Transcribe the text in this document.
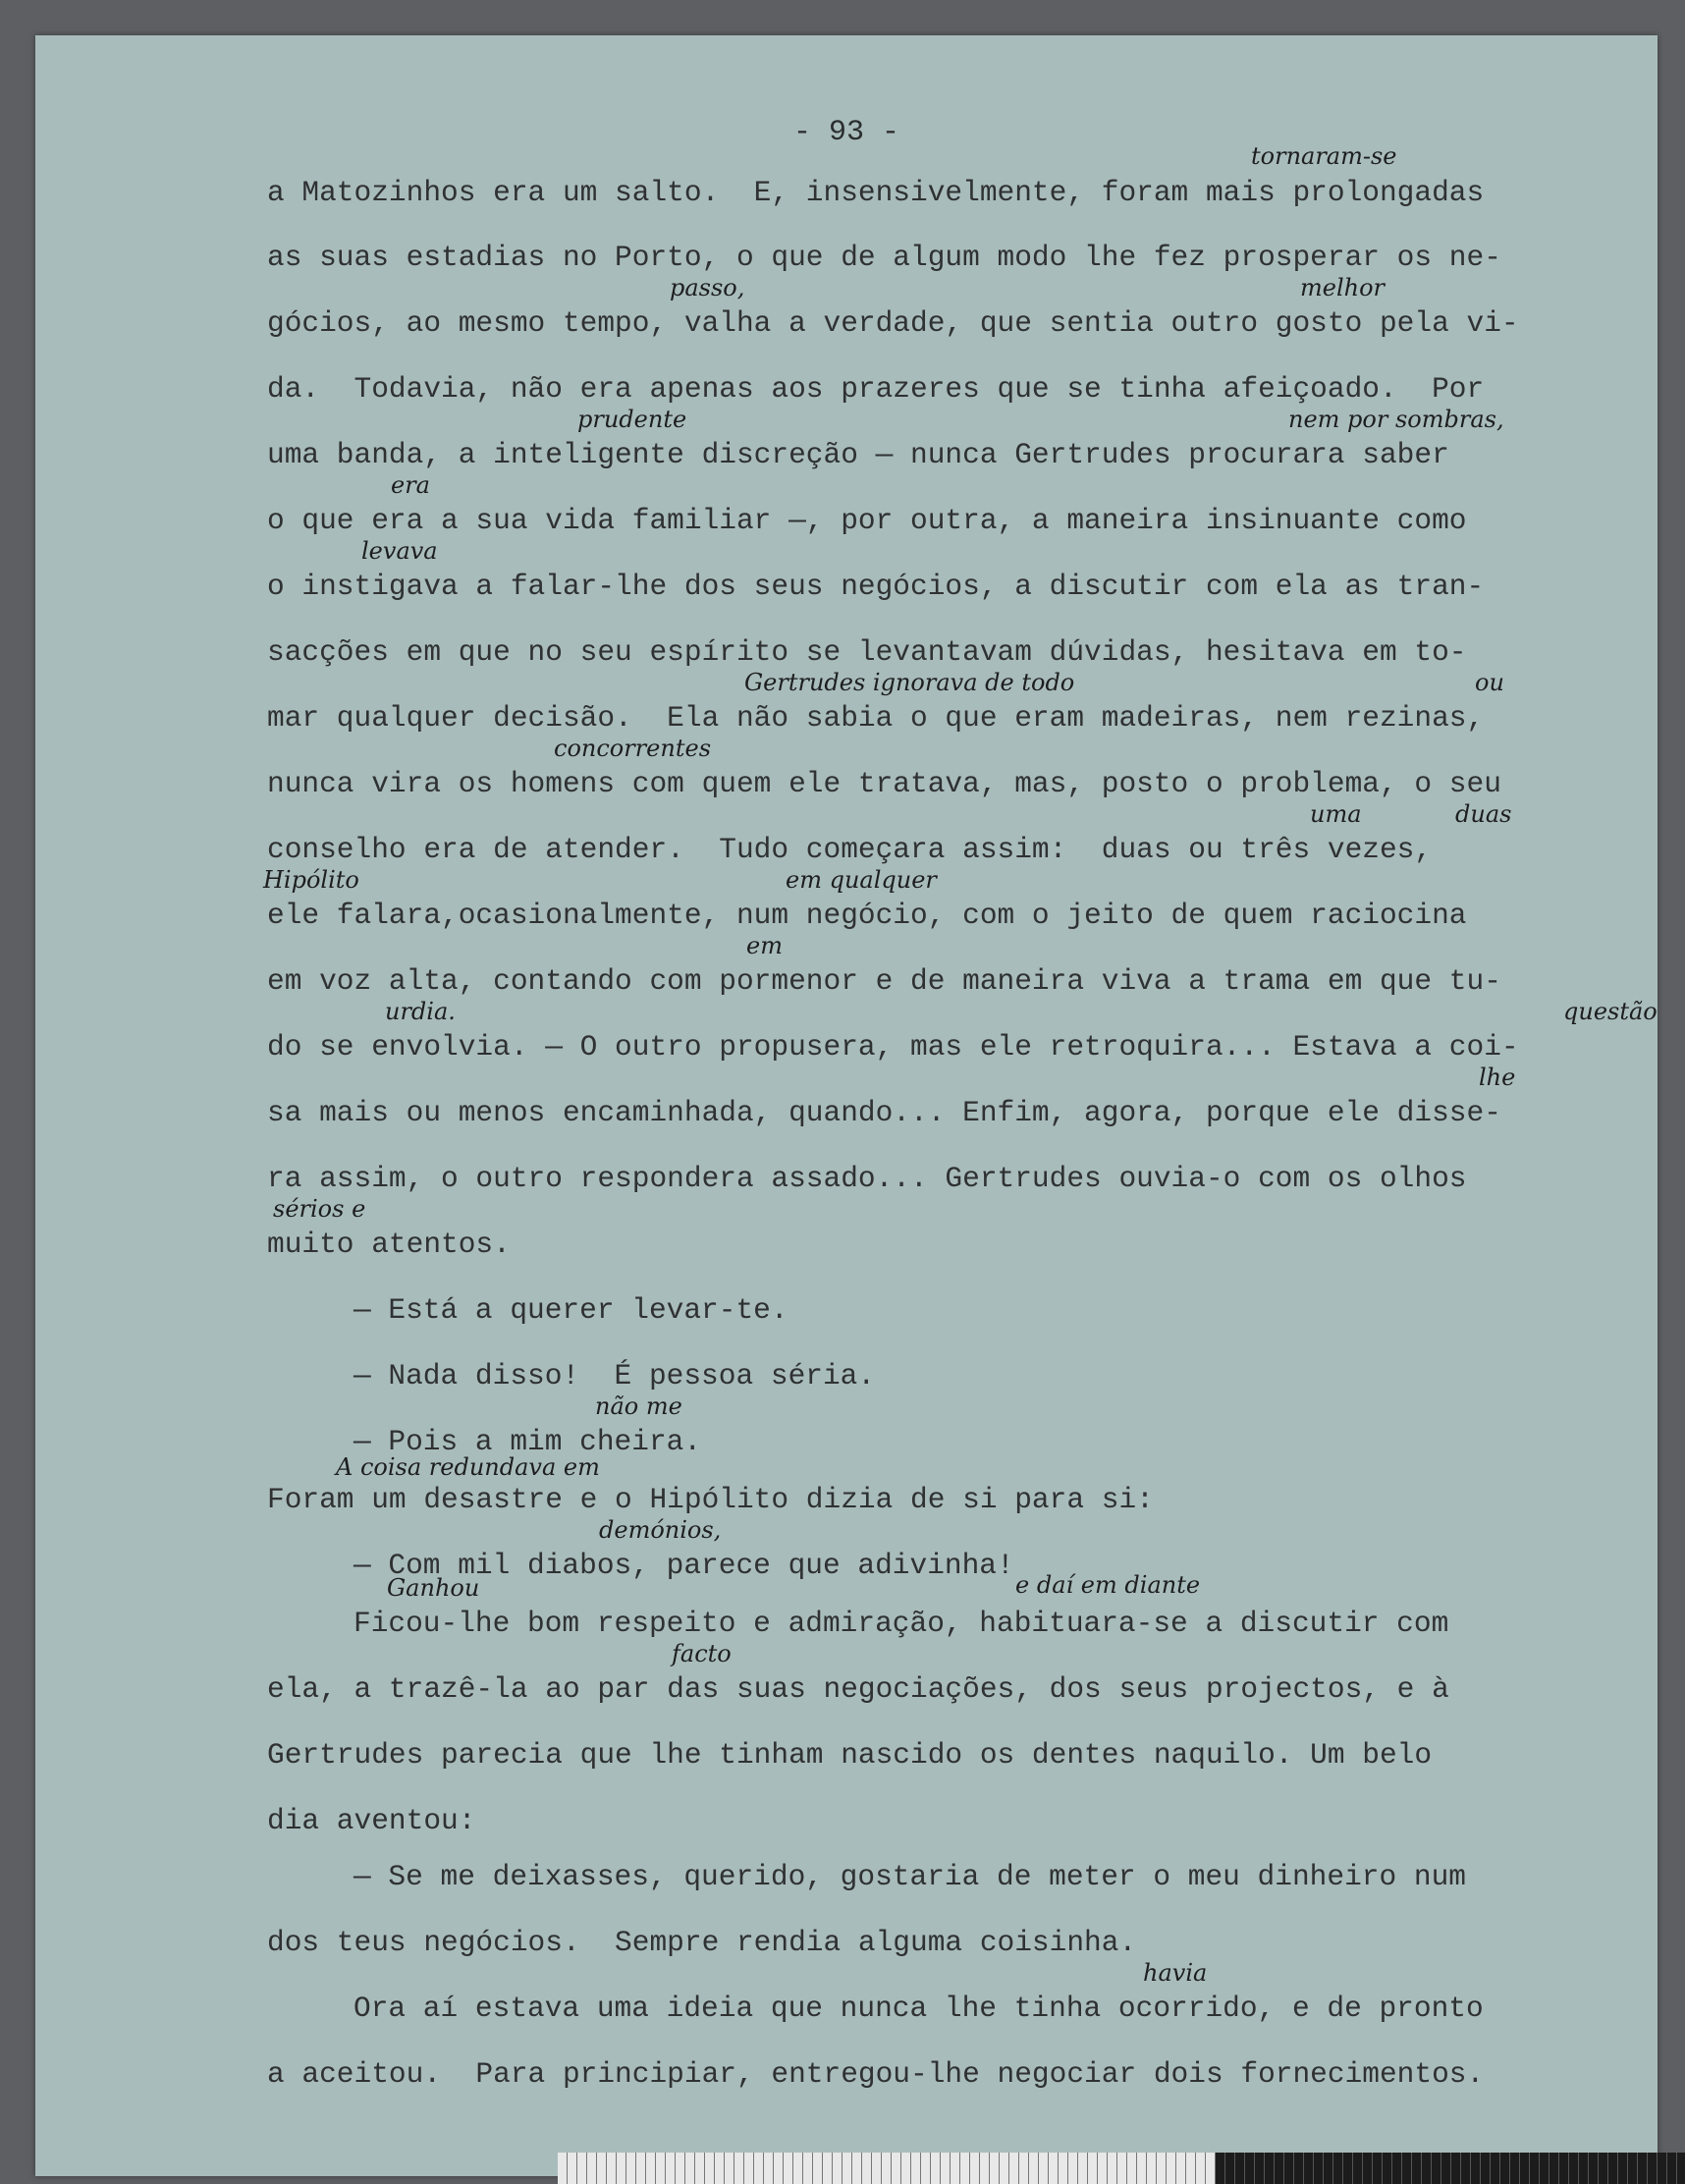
- 93 -
a Matozinhos era um salto.  E, insensivelmente, foram mais prolongadas
as suas estadias no Porto, o que de algum modo lhe fez prosperar os ne-
gócios, ao mesmo tempo, valha a verdade, que sentia outro gosto pela vi-
da.  Todavia, não era apenas aos prazeres que se tinha afeiçoado.  Por
uma banda, a inteligente discreção — nunca Gertrudes procurara saber
o que era a sua vida familiar —, por outra, a maneira insinuante como
o instigava a falar-lhe dos seus negócios, a discutir com ela as tran-
sacções em que no seu espírito se levantavam dúvidas, hesitava em to-
mar qualquer decisão.  Ela não sabia o que eram madeiras, nem rezinas,
nunca vira os homens com quem ele tratava, mas, posto o problema, o seu
conselho era de atender.  Tudo começara assim:  duas ou três vezes,
ele falara,ocasionalmente, num negócio, com o jeito de quem raciocina
em voz alta, contando com pormenor e de maneira viva a trama em que tu-
do se envolvia. — O outro propusera, mas ele retroquira... Estava a coi-
sa mais ou menos encaminhada, quando... Enfim, agora, porque ele disse-
ra assim, o outro respondera assado... Gertrudes ouvia-o com os olhos
muito atentos.
— Está a querer levar-te.
— Nada disso!  É pessoa séria.
— Pois a mim cheira.
Foram um desastre e o Hipólito dizia de si para si:
— Com mil diabos, parece que adivinha!
Ficou-lhe bom respeito e admiração, habituara-se a discutir com
ela, a trazê-la ao par das suas negociações, dos seus projectos, e à
Gertrudes parecia que lhe tinham nascido os dentes naquilo. Um belo
dia aventou:
— Se me deixasses, querido, gostaria de meter o meu dinheiro num
dos teus negócios.  Sempre rendia alguma coisinha.
Ora aí estava uma ideia que nunca lhe tinha ocorrido, e de pronto
a aceitou.  Para principiar, entregou-lhe negociar dois fornecimentos.
tornaram-se
passo,	melhor
prudente	nem por sombras,
era
levava
Gertrudes ignorava de todo	ou
concorrentes
uma	duas
Hipólito	em qualquer
em
urdia.	questão
lhe
sérios e
não me
A coisa redundava em
demónios,
Ganhou	e daí em diante
facto
havia
